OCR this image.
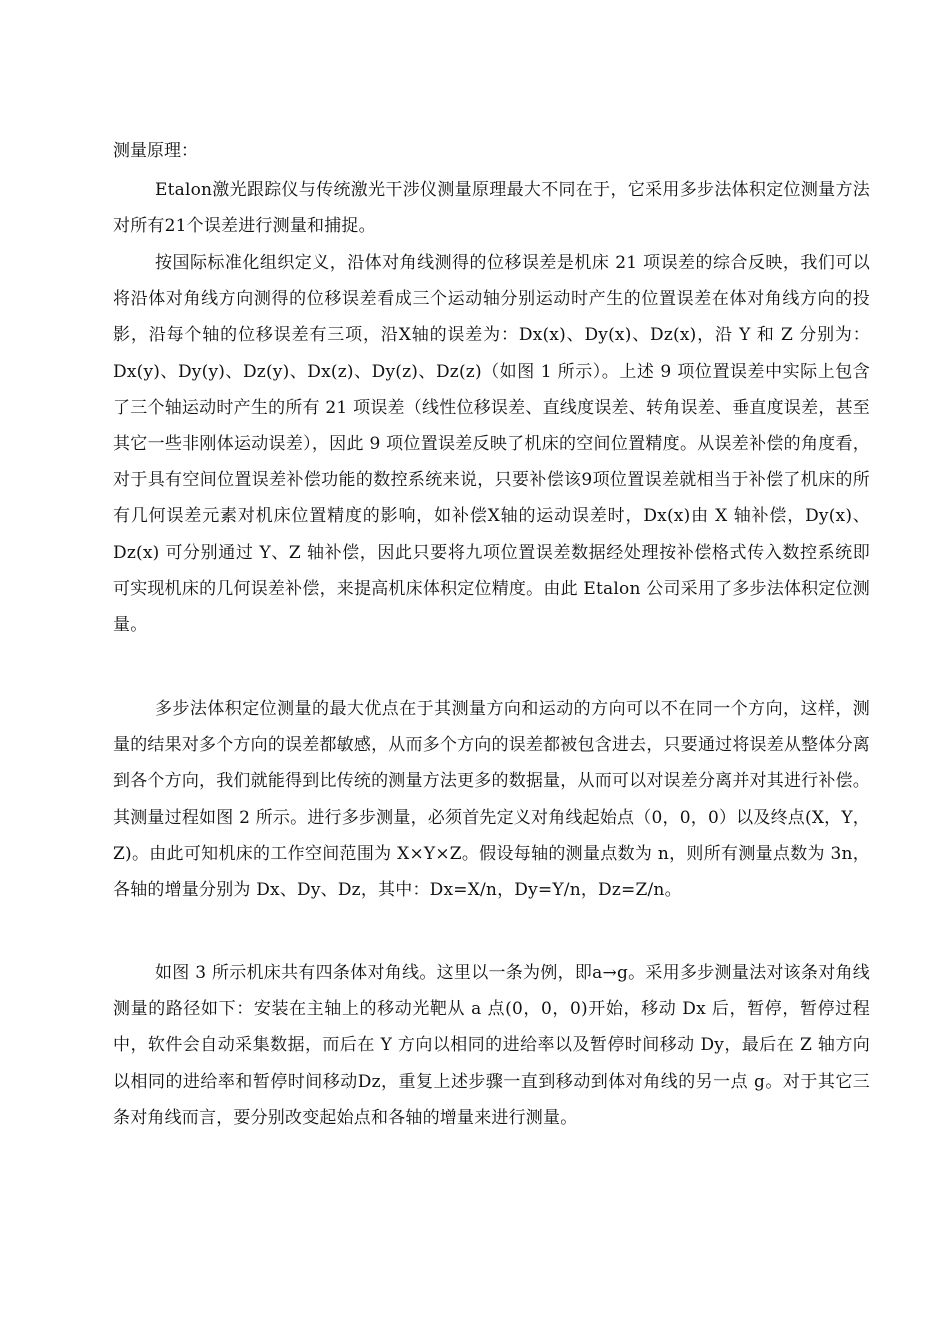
测量原理：

Etalon激光跟踪仪与传统激光干涉仪测量原理最大不同在于，它采用多步法体积定位测量方法对所有21个误差进行测量和捕捉。

按国际标准化组织定义，沿体对角线测得的位移误差是机床 21 项误差的综合反映，我们可以将沿体对角线方向测得的位移误差看成三个运动轴分别运动时产生的位置误差在体对角线方向的投影，沿每个轴的位移误差有三项，沿X轴的误差为：Dx(x)、Dy(x)、Dz(x)，沿 Y 和 Z 分别为：Dx(y)、Dy(y)、Dz(y)、Dx(z)、Dy(z)、Dz(z)（如图 1 所示）。上述 9 项位置误差中实际上包含了三个轴运动时产生的所有 21 项误差（线性位移误差、直线度误差、转角误差、垂直度误差，甚至其它一些非刚体运动误差），因此 9 项位置误差反映了机床的空间位置精度。从误差补偿的角度看，对于具有空间位置误差补偿功能的数控系统来说，只要补偿该9项位置误差就相当于补偿了机床的所有几何误差元素对机床位置精度的影响，如补偿X轴的运动误差时，Dx(x)由 X 轴补偿，Dy(x)、Dz(x) 可分别通过 Y、Z 轴补偿，因此只要将九项位置误差数据经处理按补偿格式传入数控系统即可实现机床的几何误差补偿，来提高机床体积定位精度。由此 Etalon 公司采用了多步法体积定位测量。

多步法体积定位测量的最大优点在于其测量方向和运动的方向可以不在同一个方向，这样，测量的结果对多个方向的误差都敏感，从而多个方向的误差都被包含进去，只要通过将误差从整体分离到各个方向，我们就能得到比传统的测量方法更多的数据量，从而可以对误差分离并对其进行补偿。其测量过程如图 2 所示。进行多步测量，必须首先定义对角线起始点（0，0，0）以及终点(X，Y，Z)。由此可知机床的工作空间范围为 X×Y×Z。假设每轴的测量点数为 n，则所有测量点数为 3n，各轴的增量分别为 Dx、Dy、Dz，其中：Dx=X/n，Dy=Y/n，Dz=Z/n。

如图 3 所示机床共有四条体对角线。这里以一条为例，即a→g。采用多步测量法对该条对角线测量的路径如下：安装在主轴上的移动光靶从 a 点(0，0，0)开始，移动 Dx 后，暂停，暂停过程中，软件会自动采集数据，而后在 Y 方向以相同的进给率以及暂停时间移动 Dy，最后在 Z 轴方向以相同的进给率和暂停时间移动Dz，重复上述步骤一直到移动到体对角线的另一点 g。对于其它三条对角线而言，要分别改变起始点和各轴的增量来进行测量。
